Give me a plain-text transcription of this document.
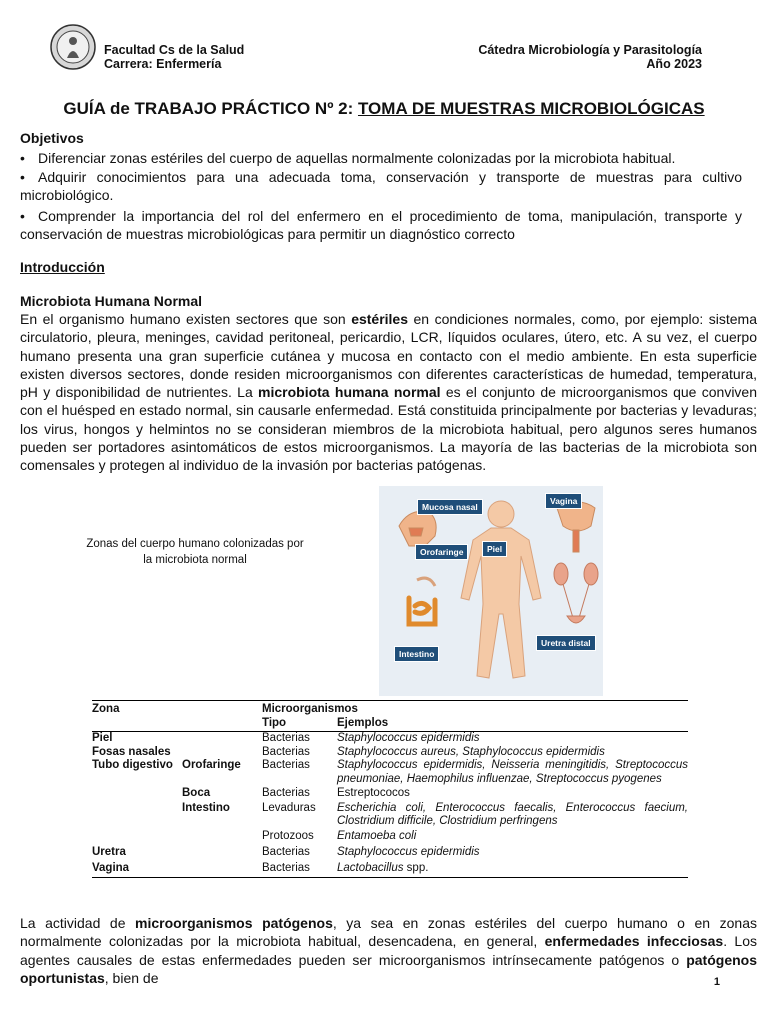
Facultad Cs de la Salud
Carrera: Enfermería
Cátedra Microbiología y Parasitología
Año 2023
GUÍA de TRABAJO PRÁCTICO Nº 2: TOMA DE MUESTRAS MICROBIOLÓGICAS
Objetivos
• Diferenciar zonas estériles del cuerpo de aquellas normalmente colonizadas por la microbiota habitual.
• Adquirir conocimientos para una adecuada toma, conservación y transporte de muestras para cultivo microbiológico.
• Comprender la importancia del rol del enfermero en el procedimiento de toma, manipulación, transporte y conservación de muestras microbiológicas para permitir un diagnóstico correcto
Introducción
Microbiota Humana Normal
En el organismo humano existen sectores que son estériles en condiciones normales, como, por ejemplo: sistema circulatorio, pleura, meninges, cavidad peritoneal, pericardio, LCR, líquidos oculares, útero, etc. A su vez, el cuerpo humano presenta una gran superficie cutánea y mucosa en contacto con el medio ambiente. En esta superficie existen diversos sectores, donde residen microorganismos con diferentes características de humedad, temperatura, pH y disponibilidad de nutrientes. La microbiota humana normal es el conjunto de microorganismos que conviven con el huésped en estado normal, sin causarle enfermedad. Está constituida principalmente por bacterias y levaduras; los virus, hongos y helmintos no se consideran miembros de la microbiota habitual, pero algunos seres humanos pueden ser portadores asintomáticos de estos microorganismos. La mayoría de las bacterias de la microbiota son comensales y protegen al individuo de la invasión por bacterias patógenas.
Zonas del cuerpo humano colonizadas por
la microbiota normal
Mucosa nasal
Vagina
Orofaringe	Piel
Uretra distal
Intestino
Zona		Microorganismos	
		Tipo	Ejemplos
Piel		Bacterias	Staphylococcus epidermidis
Fosas nasales		Bacterias	Staphylococcus aureus, Staphylococcus epidermidis
Tubo digestivo	Orofaringe	Bacterias	Staphylococcus epidermidis, Neisseria meningitidis, Streptococcus pneumoniae, Haemophilus influenzae, Streptococcus pyogenes
	Boca	Bacterias	Estreptococos
	Intestino	Levaduras	Escherichia coli, Enterococcus faecalis, Enterococcus faecium, Clostridium difficile, Clostridium perfringens
		Protozoos	Entamoeba coli
Uretra		Bacterias	Staphylococcus epidermidis
Vagina		Bacterias	Lactobacillus spp.
La actividad de microorganismos patógenos, ya sea en zonas estériles del cuerpo humano o en zonas normalmente colonizadas por la microbiota habitual, desencadena, en general, enfermedades infecciosas. Los agentes causales de estas enfermedades pueden ser microorganismos intrínsecamente patógenos o patógenos oportunistas, bien de	1
